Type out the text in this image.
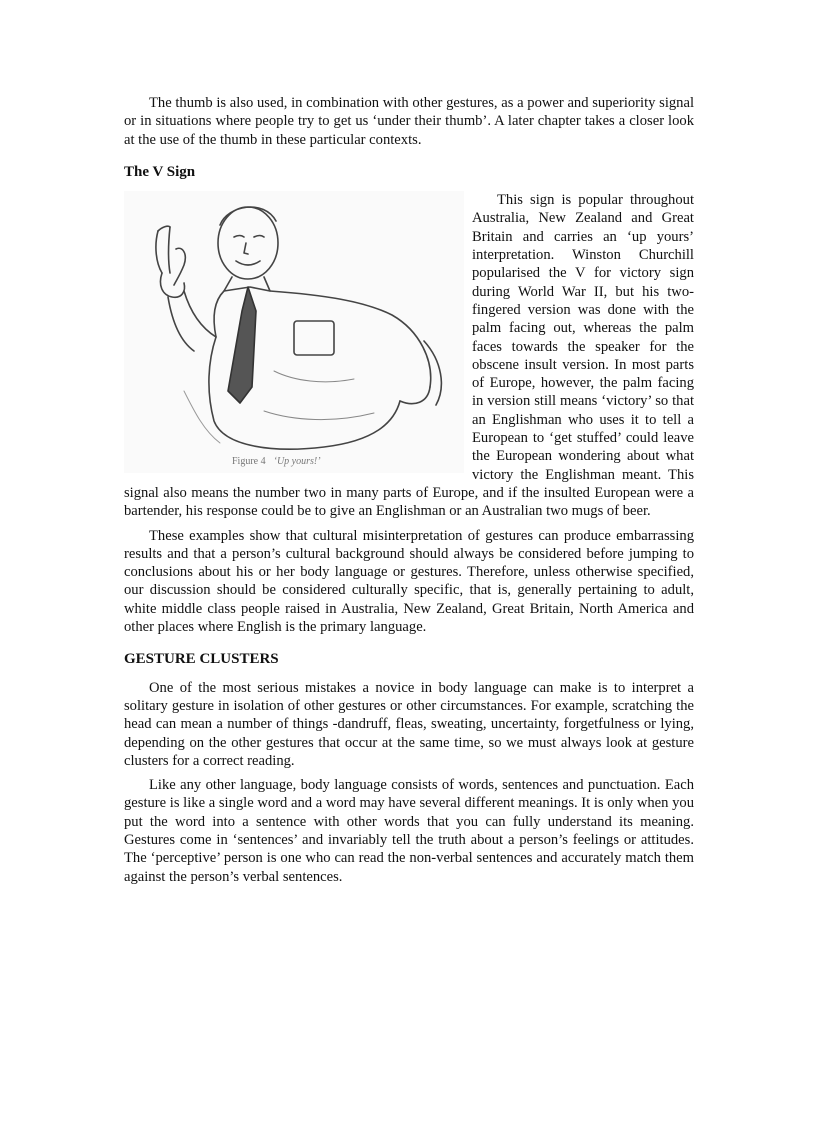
The thumb is also used, in combination with other gestures, as a power and superiority signal or in situations where people try to get us ‘under their thumb’. A later chapter takes a closer look at the use of the thumb in these particular contexts.

The V Sign
Figure 4 ‘Up yours!’

This sign is popular throughout Australia, New Zealand and Great Britain and carries an ‘up yours’ interpretation. Winston Churchill popularised the V for victory sign during World War II, but his two-fingered version was done with the palm facing out, whereas the palm faces towards the speaker for the obscene insult version. In most parts of Europe, however, the palm facing in version still means ‘victory’ so that an Englishman who uses it to tell a European to ‘get stuffed’ could leave the European wondering about what victory the Englishman meant. This signal also means the number two in many parts of Europe, and if the insulted European were a bartender, his response could be to give an Englishman or an Australian two mugs of beer.

These examples show that cultural misinterpretation of gestures can produce embarrassing results and that a person’s cultural background should always be considered before jumping to conclusions about his or her body language or gestures. Therefore, unless otherwise specified, our discussion should be considered culturally specific, that is, generally pertaining to adult, white middle class people raised in Australia, New Zealand, Great Britain, North America and other places where English is the primary language.

GESTURE CLUSTERS

One of the most serious mistakes a novice in body language can make is to interpret a solitary gesture in isolation of other gestures or other circumstances. For example, scratching the head can mean a number of things -dandruff, fleas, sweating, uncertainty, forgetfulness or lying, depending on the other gestures that occur at the same time, so we must always look at gesture clusters for a correct reading.

Like any other language, body language consists of words, sentences and punctuation. Each gesture is like a single word and a word may have several different meanings. It is only when you put the word into a sentence with other words that you can fully understand its meaning. Gestures come in ‘sentences’ and invariably tell the truth about a person’s feelings or attitudes. The ‘perceptive’ person is one who can read the non-verbal sentences and accurately match them against the person’s verbal sentences.
